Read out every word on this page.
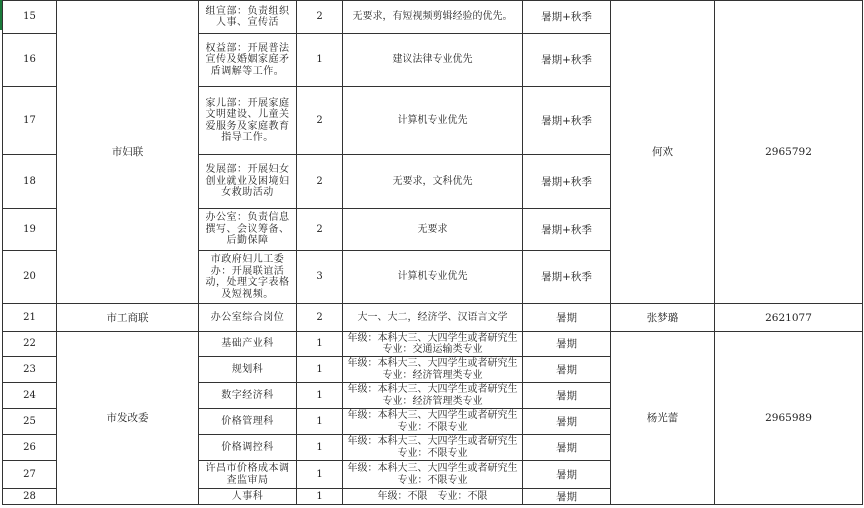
15	市妇联	组宣部：负责组织人事、宣传活	2	无要求，有短视频剪辑经验的优先。	暑期+秋季	何欢	2965792
16		权益部：开展普法宣传及婚姻家庭矛盾调解等工作。	1	建议法律专业优先	暑期+秋季		
17		家儿部：开展家庭文明建设、儿童关爱服务及家庭教育指导工作。	2	计算机专业优先	暑期+秋季		
18		发展部：开展妇女创业就业及困境妇女救助活动	2	无要求，文科优先	暑期+秋季		
19		办公室：负责信息撰写、会议筹备、后勤保障	2	无要求	暑期+秋季		
20		市政府妇儿工委办：开展联谊活动，处理文字表格及短视频。	3	计算机专业优先	暑期+秋季		
21	市工商联	办公室综合岗位	2	大一、大二，经济学、汉语言文学	暑期	张梦璐	2621077
22	市发改委	基础产业科	1	年级：本科大三、大四学生或者研究生　专业：交通运输类专业	暑期	杨光蕾	2965989
23		规划科	1	年级：本科大三、大四学生或者研究生　专业：经济管理类专业	暑期		
24		数字经济科	1	年级：本科大三、大四学生或者研究生　专业：经济管理类专业	暑期		
25		价格管理科	1	年级：本科大三、大四学生或者研究生　专业：不限专业	暑期		
26		价格调控科	1	年级：本科大三、大四学生或者研究生　专业：不限专业	暑期		
27		许昌市价格成本调查监审局	1	年级：本科大三、大四学生或者研究生　专业：不限专业	暑期		
28		人事科	1	年级：不限　专业：不限	暑期		
